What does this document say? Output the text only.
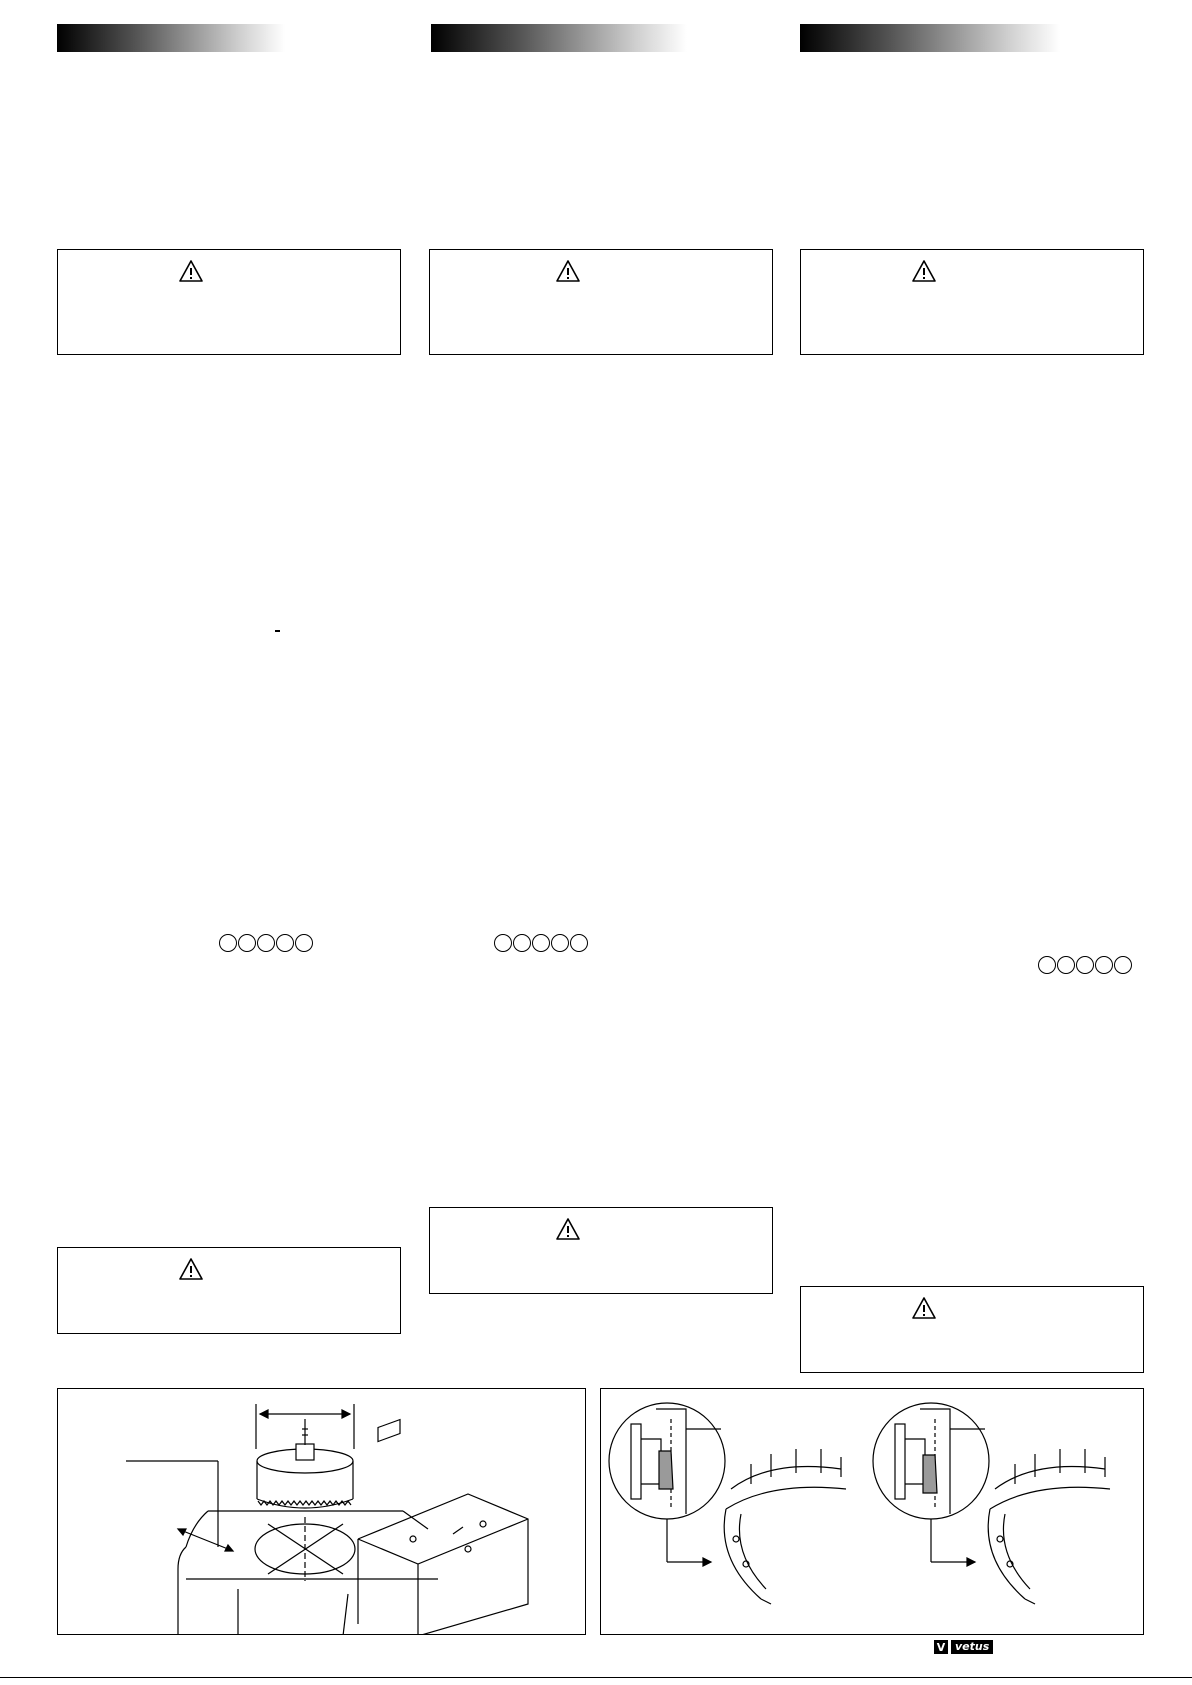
V vetus
